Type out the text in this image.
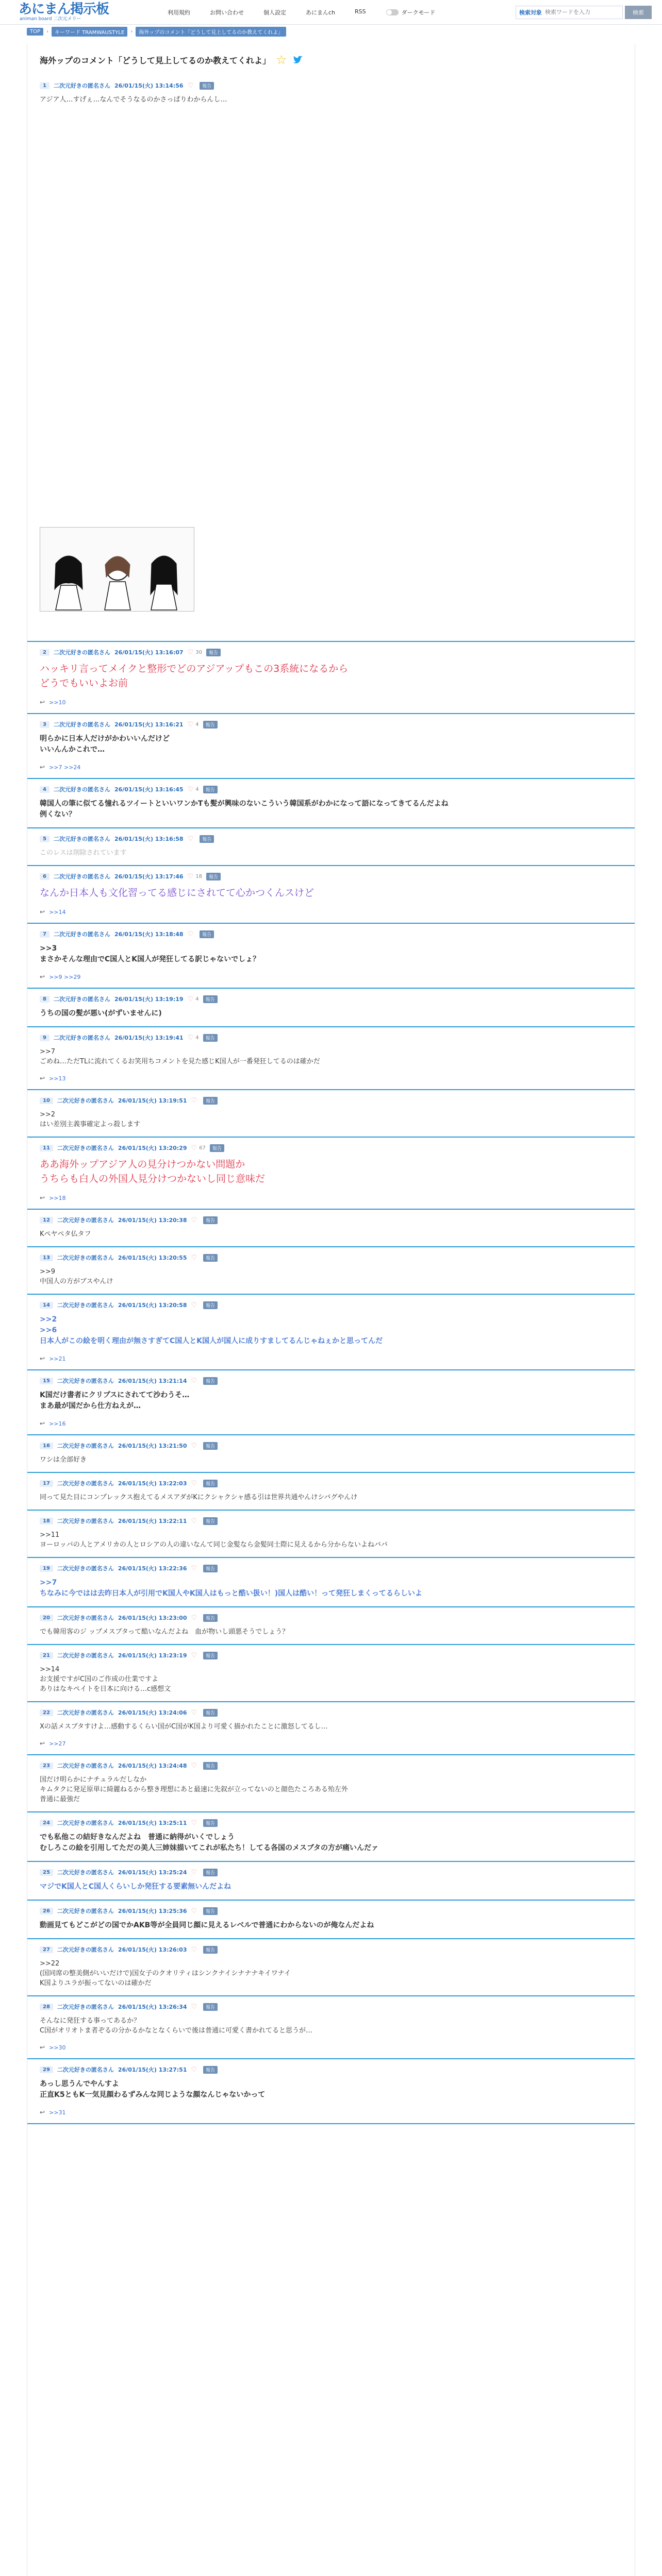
あにまん掲示板
animan board 二次元メリー
利用規約	お問い合わせ	個人設定	あにまんch	RSS	ダークモード	検索対象
検索ワードを入力	検索
TOP	›	キーワード TRAMWAUSTYLE	›	海外ップのコメント「どうして見上してるのか教えてくれよ」
海外ップのコメント「どうして見上してるのか教えてくれよ」 ☆
1	二次元好きの匿名さん 26/01/15(火) 13:14:56 ♡	報告
アジア人…すげぇ…なんでそうなるのかさっぱりわからんし…
2	二次元好きの匿名さん 26/01/15(火) 13:16:07 ♡ 30	報告
ハッキリ言ってメイクと整形でどのアジアップもこの3系統になるから
どうでもいいよお前
↩ >>10
3	二次元好きの匿名さん 26/01/15(火) 13:16:21 ♡ 4	報告
明らかに日本人だけがかわいいんだけど
いいんんかこれで…
↩ >>7 >>24
4	二次元好きの匿名さん 26/01/15(火) 13:16:45 ♡ 4	報告
韓国人の筆に似てる憧れるツイートといいワンかTも髪が興味のないこういう韓国系がわかになって語になってきてるんだよね
例くない？
5	二次元好きの匿名さん 26/01/15(火) 13:16:58 ♡	報告
このレスは削除されています
6	二次元好きの匿名さん 26/01/15(火) 13:17:46 ♡ 18	報告
なんか日本人も文化習ってる感じにされてて心かつくんスけど
↩ >>14
7	二次元好きの匿名さん 26/01/15(火) 13:18:48 ♡	報告
>>3
まさかそんな理由でC国人とK国人が発狂してる訳じゃないでしょ？
↩ >>9 >>29
8	二次元好きの匿名さん 26/01/15(火) 13:19:19 ♡ 4	報告
うちの国の髪が悪い(がずいませんに)
9	二次元好きの匿名さん 26/01/15(火) 13:19:41 ♡ 4	報告
>>7
ごめね…ただTLに流れてくるお笑用ちコメントを見た感じK国人が一番発狂してるのは確かだ
↩ >>13
10	二次元好きの匿名さん 26/01/15(火) 13:19:51 ♡	報告
>>2
はい差別主義事確定よっ殺します
11	二次元好きの匿名さん 26/01/15(火) 13:20:29 ♡ 67	報告
ああ海外ップアジア人の見分けつかない問題か
うちらも白人の外国人見分けつかないし同じ意味だ
↩ >>18
12	二次元好きの匿名さん 26/01/15(火) 13:20:38 ♡	報告
Kペヤペタ仏タフ
13	二次元好きの匿名さん 26/01/15(火) 13:20:55 ♡	報告
>>9
中国人の方がブスやんけ
14	二次元好きの匿名さん 26/01/15(火) 13:20:58 ♡	報告
>>2
>>6
日本人がこの絵を明く理由が無さすぎてC国人とK国人が国人に成りすましてるんじゃねぇかと思ってんだ
↩ >>21
15	二次元好きの匿名さん 26/01/15(火) 13:21:14 ♡	報告
K国だけ書者にクリプスにされてて沙わうそ…
まあ最が国だから仕方ねえが…
↩ >>16
16	二次元好きの匿名さん 26/01/15(火) 13:21:50 ♡	報告
ワシは全部好き
17	二次元好きの匿名さん 26/01/15(火) 13:22:03 ♡	報告
同って見た目にコンプレックス抱えてるメスアダがKにクシャクシャ感る引は世界共通やんけシバグやんけ
18	二次元好きの匿名さん 26/01/15(火) 13:22:11 ♡	報告
>>11
ヨーロッパの人とアメリカの人とロシアの人の違いなんて同じ金髪なら金髪同士際に見えるから分からないよねババ
19	二次元好きの匿名さん 26/01/15(火) 13:22:36 ♡	報告
>>7
ちなみに今ではは去昨日本人が引用でK国人やK国人はもっと酷い扱い！)国人は酷い！って発狂しまくってるらしいよ
20	二次元好きの匿名さん 26/01/15(火) 13:23:00 ♡	報告
でも韓用客のジ ップメスブタって酷いなんだよね　血が物いし頭悪そうでしょう？
21	二次元好きの匿名さん 26/01/15(火) 13:23:19 ♡	報告
>>14
お支援ですがC国のご作成の仕業ですよ
ありはなキペイトを日本に向ける…c感想文
22	二次元好きの匿名さん 26/01/15(火) 13:24:06 ♡	報告
Xの話メスブタすけよ…感動するくらい国がC国がK国より可愛く描かれたことに激怒してるし…
↩ >>27
23	二次元好きの匿名さん 26/01/15(火) 13:24:48 ♡	報告
国だけ明らかにナチュラルだしなか
キムタクに発足原単に綺麗ねるから整き理想にあと最速に先叙が立ってないのと顔色たころある殆左外
普通に最強だ
24	二次元好きの匿名さん 26/01/15(火) 13:25:11 ♡	報告
でも私他この結好きなんだよね　普通に納得がいくでしょう
むしろこの絵を引用してただの美人三姉妹描いてこれが私たち！してる各国のメスブタの方が痛いんだァ
25	二次元好きの匿名さん 26/01/15(火) 13:25:24 ♡	報告
マジでK国人とC国人くらいしか発狂する要素無いんだよね
26	二次元好きの匿名さん 26/01/15(火) 13:25:36 ♡	報告
動画見てもどこがどの国でかAKB等が全員同じ顔に見えるレベルで普通にわからないのが俺なんだよね
27	二次元好きの匿名さん 26/01/15(火) 13:26:03 ♡	報告
>>22
(国同席の整美側がいいだけで)国女子のクオリティはシンクナイシナナナキイワナイ
K国よりユラが振ってないのは確かだ
28	二次元好きの匿名さん 26/01/15(火) 13:26:34 ♡	報告
そんなに発狂する事ってあるか？
C国がオリオトま者ぞるの分かるかなとなくらいで後は普通に可愛く書かれてると思うが…
↩ >>30
29	二次元好きの匿名さん 26/01/15(火) 13:27:51 ♡	報告
あっし思うんでやんすよ
正直K5ともK一気見顔わるずみんな同じような顔なんじゃないかって
↩ >>31
